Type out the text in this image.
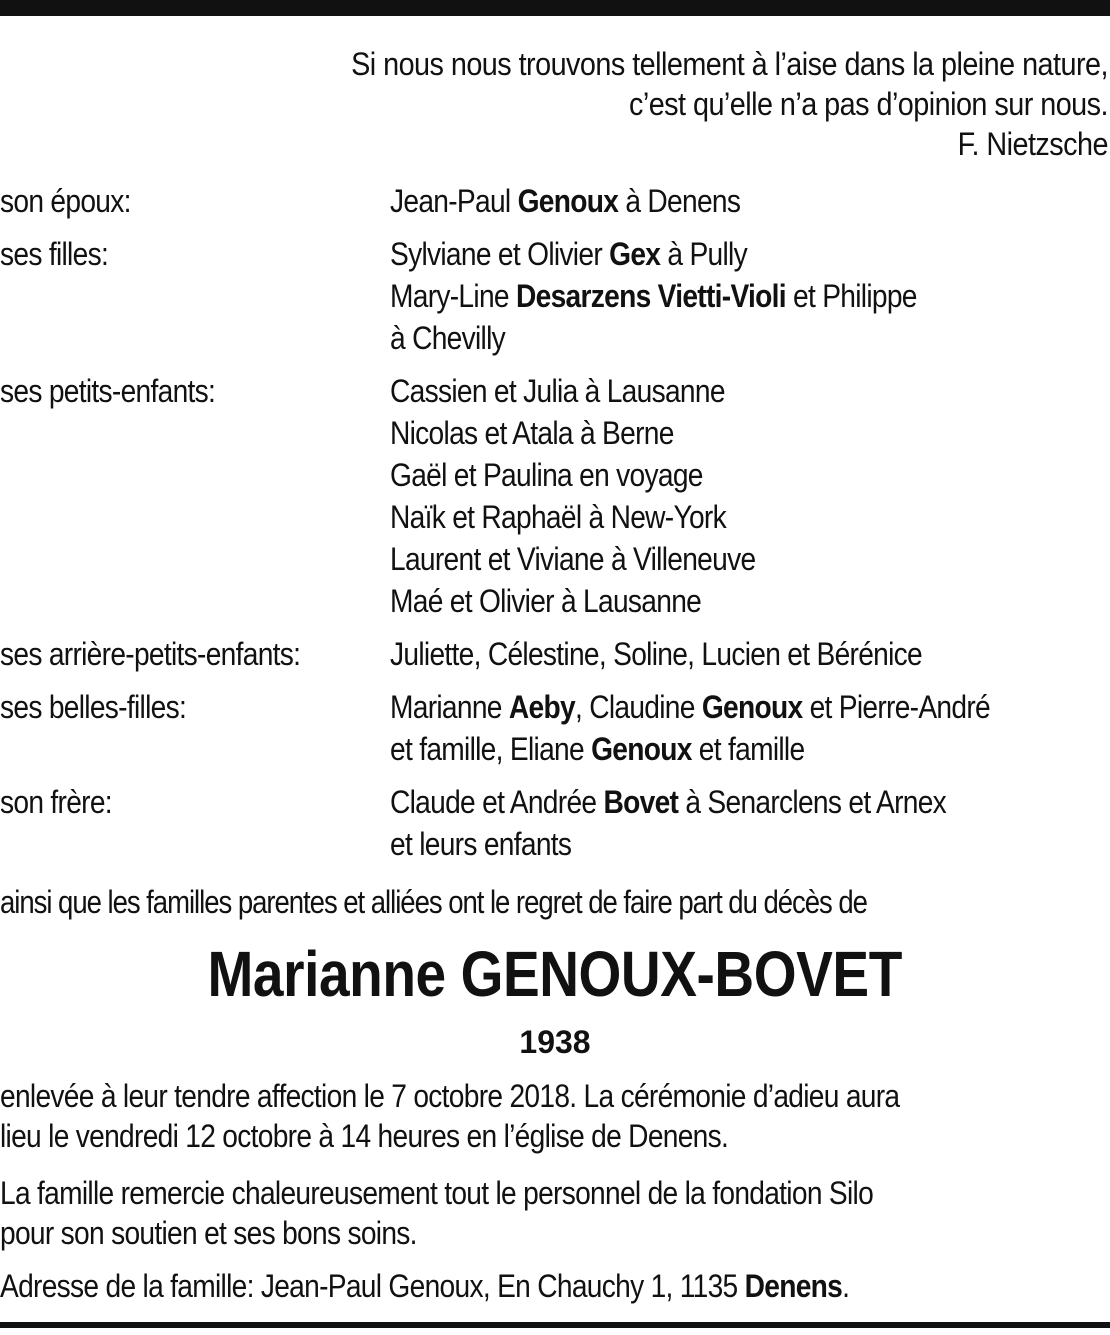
Si nous nous trouvons tellement à l’aise dans la pleine nature,
c’est qu’elle n’a pas d’opinion sur nous.
F. Nietzsche
son époux:	Jean-Paul Genoux à Denens
ses filles:	Sylviane et Olivier Gex à Pully
Mary-Line Desarzens Vietti-Violi et Philippe
à Chevilly
ses petits-enfants:	Cassien et Julia à Lausanne
Nicolas et Atala à Berne
Gaël et Paulina en voyage
Naïk et Raphaël à New-York
Laurent et Viviane à Villeneuve
Maé et Olivier à Lausanne
ses arrière-petits-enfants:	Juliette, Célestine, Soline, Lucien et Bérénice
ses belles-filles:	Marianne Aeby, Claudine Genoux et Pierre-André
et famille, Eliane Genoux et famille
son frère:	Claude et Andrée Bovet à Senarclens et Arnex
et leurs enfants
ainsi que les familles parentes et alliées ont le regret de faire part du décès de
Marianne GENOUX-BOVET
1938
enlevée à leur tendre affection le 7 octobre 2018. La cérémonie d’adieu aura
lieu le vendredi 12 octobre à 14 heures en l’église de Denens.
La famille remercie chaleureusement tout le personnel de la fondation Silo
pour son soutien et ses bons soins.
Adresse de la famille: Jean-Paul Genoux, En Chauchy 1, 1135 Denens.
